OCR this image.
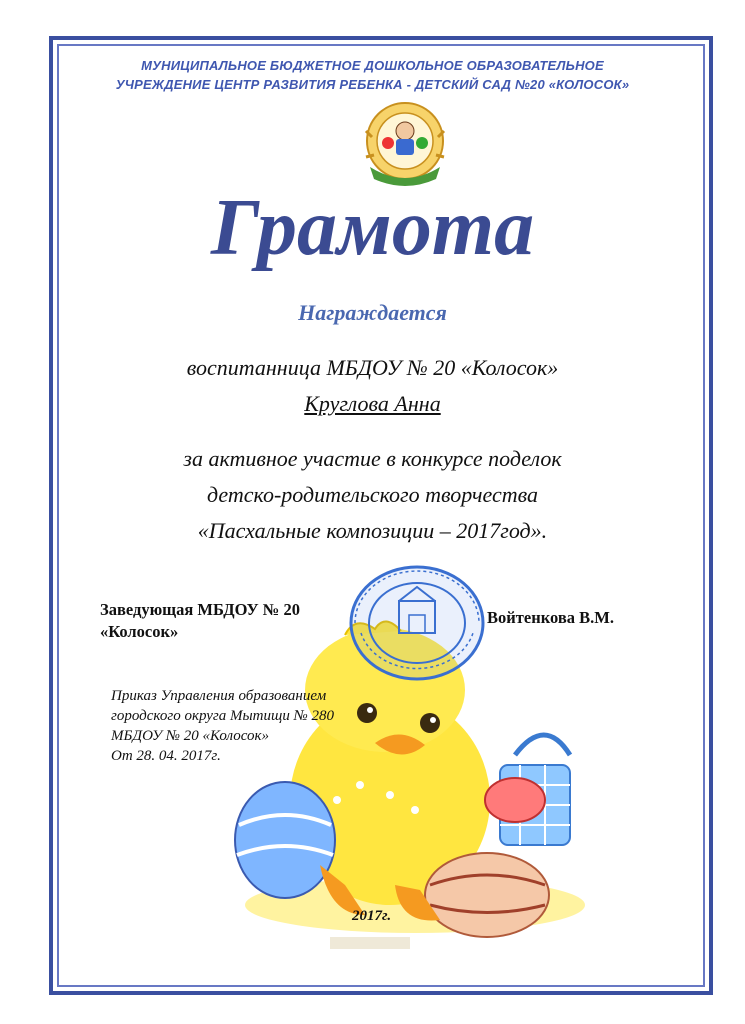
МУНИЦИПАЛЬНОЕ БЮДЖЕТНОЕ ДОШКОЛЬНОЕ ОБРАЗОВАТЕЛЬНОЕ
УЧРЕЖДЕНИЕ ЦЕНТР РАЗВИТИЯ РЕБЕНКА - ДЕТСКИЙ САД №20 «КОЛОСОК»
Грамота
Награждается
воспитанница МБДОУ № 20 «Колосок»
Круглова Анна
за активное участие в конкурсе поделок
детско-родительского творчества
«Пасхальные композиции – 2017год».
Заведующая МБДОУ № 20
«Колосок»
Войтенкова В.М.
Приказ Управления образованием
городского округа Мытищи № 280
МБДОУ № 20 «Колосок»
От 28. 04. 2017г.
2017г.
